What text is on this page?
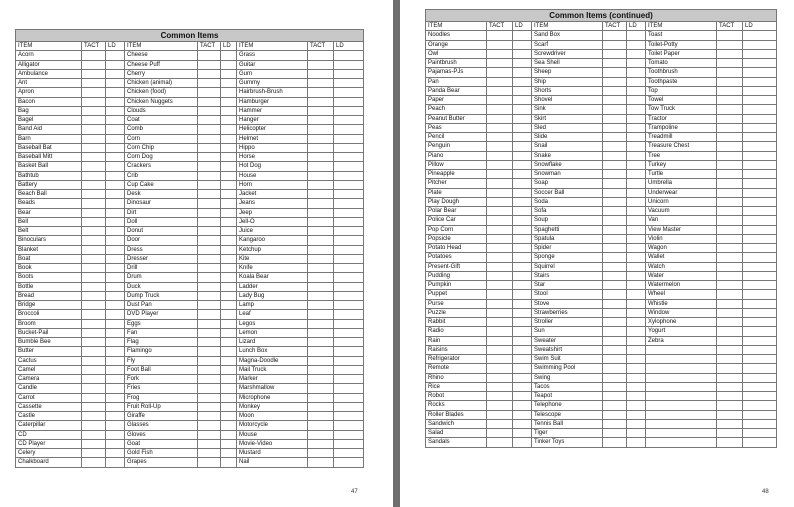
Common Items								
ITEM	TACT	LD	ITEM	TACT	LD	ITEM	TACT	LD
Acorn			Cheese			Grass		
Alligator			Cheese Puff			Guitar		
Ambulance			Cherry			Gum		
Ant			Chicken (animal)			Gummy		
Apron			Chicken (food)			Hairbrush-Brush		
Bacon			Chicken Nuggets			Hamburger		
Bag			Clouds			Hammer		
Bagel			Coat			Hanger		
Band Aid			Comb			Helicopter		
Barn			Corn			Helmet		
Baseball Bat			Corn Chip			Hippo		
Baseball Mitt			Corn Dog			Horse		
Basket Ball			Crackers			Hot Dog		
Bathtub			Crib			House		
Battery			Cup Cake			Horn		
Beach Ball			Desk			Jacket		
Beads			Dinosaur			Jeans		
Bear			Dirt			Jeep		
Bell			Doll			Jell-O		
Belt			Donut			Juice		
Binoculars			Door			Kangaroo		
Blanket			Dress			Ketchup		
Boat			Dresser			Kite		
Book			Drill			Knife		
Boots			Drum			Koala Bear		
Bottle			Duck			Ladder		
Bread			Dump Truck			Lady Bug		
Bridge			Dust Pan			Lamp		
Broccoli			DVD Player			Leaf		
Broom			Eggs			Legos		
Bucket-Pail			Fan			Lemon		
Bumble Bee			Flag			Lizard		
Butter			Flamingo			Lunch Box		
Cactus			Fly			Magna-Doodle		
Camel			Foot Ball			Mail Truck		
Camera			Fork			Marker		
Candle			Fries			Marshmallow		
Carrot			Frog			Microphone		
Cassette			Fruit Roll-Up			Monkey		
Castle			Giraffe			Moon		
Caterpillar			Glasses			Motorcycle		
CD			Gloves			Mouse		
CD Player			Goat			Movie-Video		
Celery			Gold Fish			Mustard		
Chalkboard			Grapes			Nail		
47
Common Items (continued)								
ITEM	TACT	LD	ITEM	TACT	LD	ITEM	TACT	LD
Noodles			Sand Box			Toast		
Orange			Scarf			Toilet-Potty		
Owl			Screwdriver			Toilet Paper		
Paintbrush			Sea Shell			Tomato		
Pajamas-PJs			Sheep			Toothbrush		
Pan			Ship			Toothpaste		
Panda Bear			Shorts			Top		
Paper			Shovel			Towel		
Peach			Sink			Tow Truck		
Peanut Butter			Skirt			Tractor		
Peas			Sled			Trampoline		
Pencil			Slide			Treadmill		
Penguin			Snail			Treasure Chest		
Piano			Snake			Tree		
Pillow			Snowflake			Turkey		
Pineapple			Snowman			Turtle		
Pitcher			Soap			Umbrella		
Plate			Soccer Ball			Underwear		
Play Dough			Soda			Unicorn		
Polar Bear			Sofa			Vacuum		
Police Car			Soup			Van		
Pop Corn			Spaghetti			View Master		
Popsicle			Spatula			Violin		
Potato Head			Spider			Wagon		
Potatoes			Sponge			Wallet		
Present-Gift			Squirrel			Watch		
Pudding			Stairs			Water		
Pumpkin			Star			Watermelon		
Puppet			Stool			Wheel		
Purse			Stove			Whistle		
Puzzle			Strawberries			Window		
Rabbit			Stroller			Xylophone		
Radio			Sun			Yogurt		
Rain			Sweater			Zebra		
Raisins			Sweatshirt					
Refrigerator			Swim Suit					
Remote			Swimming Pool					
Rhino			Swing					
Rice			Tacos					
Robot			Teapot					
Rocks			Telephone					
Roller Blades			Telescope					
Sandwich			Tennis Ball					
Salad			Tiger					
Sandals			Tinker Toys					
48
